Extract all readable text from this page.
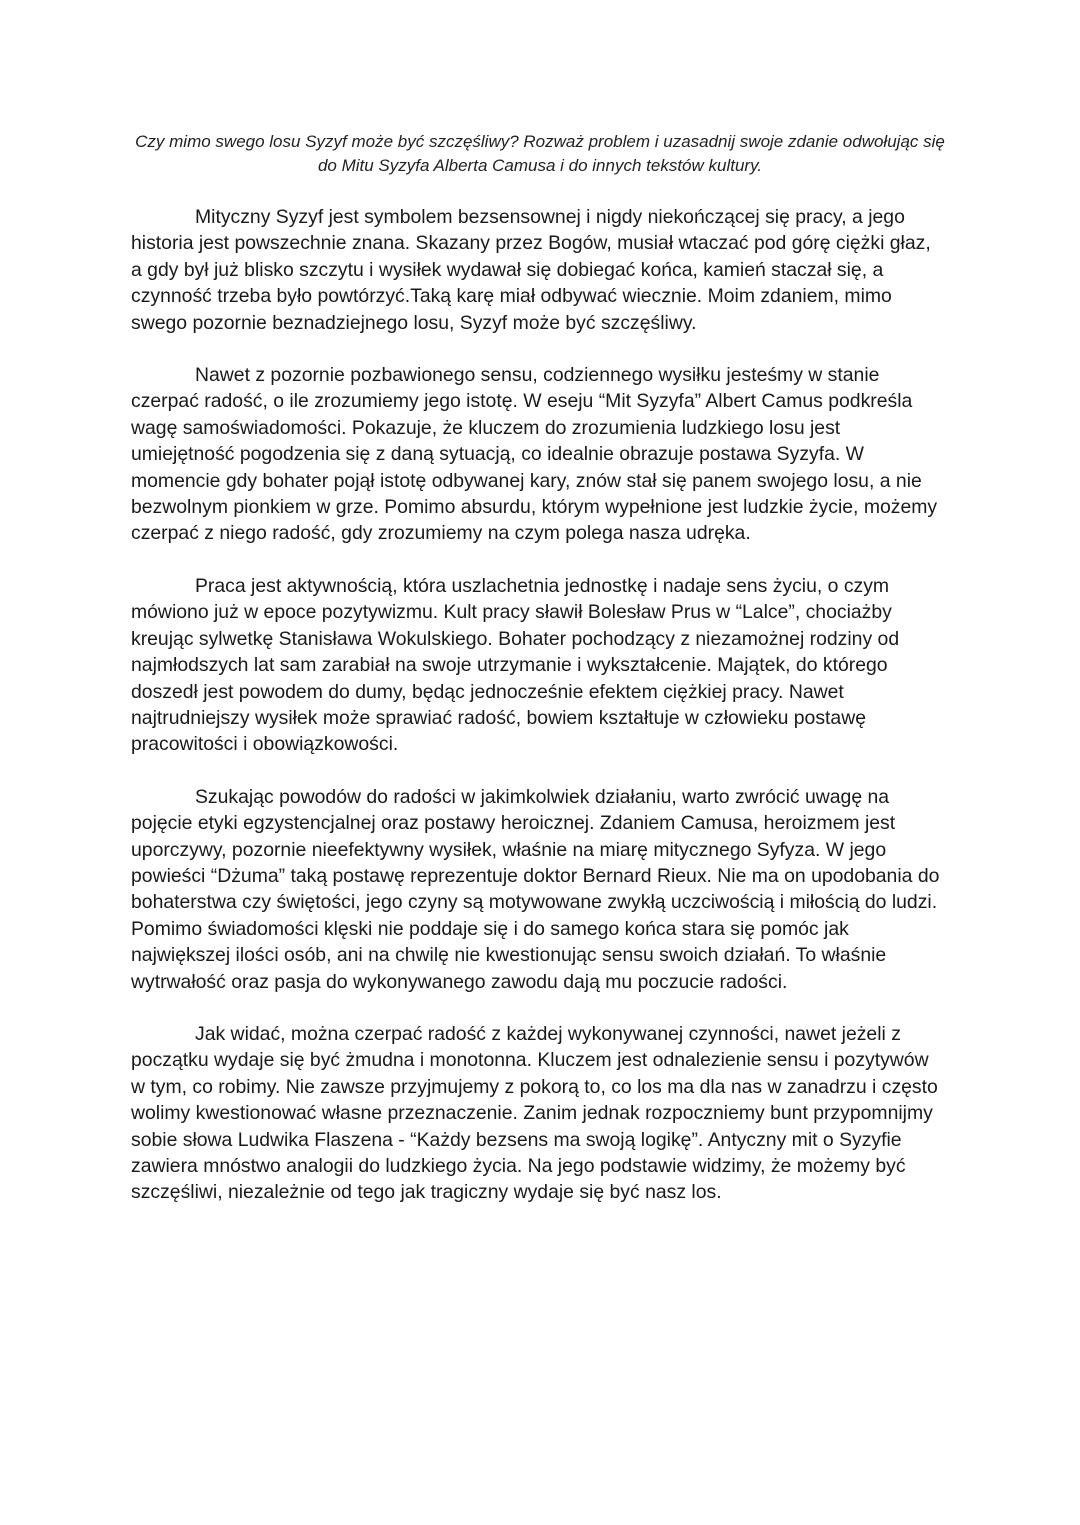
Czy mimo swego losu Syzyf może być szczęśliwy? Rozważ problem i uzasadnij swoje zdanie odwołując się do Mitu Syzyfa Alberta Camusa i do innych tekstów kultury.

Mityczny Syzyf jest symbolem bezsensownej i nigdy niekończącej się pracy, a jego historia jest powszechnie znana. Skazany przez Bogów, musiał wtaczać pod górę ciężki głaz, a gdy był już blisko szczytu i wysiłek wydawał się dobiegać końca, kamień staczał się, a czynność trzeba było powtórzyć.Taką karę miał odbywać wiecznie. Moim zdaniem, mimo swego pozornie beznadziejnego losu, Syzyf może być szczęśliwy.

Nawet z pozornie pozbawionego sensu, codziennego wysiłku jesteśmy w stanie czerpać radość, o ile zrozumiemy jego istotę. W eseju “Mit Syzyfa” Albert Camus podkreśla wagę samoświadomości. Pokazuje, że kluczem do zrozumienia ludzkiego losu jest umiejętność pogodzenia się z daną sytuacją, co idealnie obrazuje postawa Syzyfa. W momencie gdy bohater pojął istotę odbywanej kary, znów stał się panem swojego losu, a nie bezwolnym pionkiem w grze. Pomimo absurdu, którym wypełnione jest ludzkie życie, możemy czerpać z niego radość, gdy zrozumiemy na czym polega nasza udręka.

Praca jest aktywnością, która uszlachetnia jednostkę i nadaje sens życiu, o czym mówiono już w epoce pozytywizmu. Kult pracy sławił Bolesław Prus w “Lalce”, chociażby kreując sylwetkę Stanisława Wokulskiego. Bohater pochodzący z niezamożnej rodziny od najmłodszych lat sam zarabiał na swoje utrzymanie i wykształcenie. Majątek, do którego doszedł jest powodem do dumy, będąc jednocześnie efektem ciężkiej pracy. Nawet najtrudniejszy wysiłek może sprawiać radość, bowiem kształtuje w człowieku postawę pracowitości i obowiązkowości.

Szukając powodów do radości w jakimkolwiek działaniu, warto zwrócić uwagę na pojęcie etyki egzystencjalnej oraz postawy heroicznej. Zdaniem Camusa, heroizmem jest uporczywy, pozornie nieefektywny wysiłek, właśnie na miarę mitycznego Syfyza. W jego powieści “Dżuma” taką postawę reprezentuje doktor Bernard Rieux. Nie ma on upodobania do bohaterstwa czy świętości, jego czyny są motywowane zwykłą uczciwością i miłością do ludzi. Pomimo świadomości klęski nie poddaje się i do samego końca stara się pomóc jak największej ilości osób, ani na chwilę nie kwestionując sensu swoich działań. To właśnie wytrwałość oraz pasja do wykonywanego zawodu dają mu poczucie radości.

Jak widać, można czerpać radość z każdej wykonywanej czynności, nawet jeżeli z początku wydaje się być żmudna i monotonna. Kluczem jest odnalezienie sensu i pozytywów w tym, co robimy. Nie zawsze przyjmujemy z pokorą to, co los ma dla nas w zanadrzu i często wolimy kwestionować własne przeznaczenie. Zanim jednak rozpoczniemy bunt przypomnijmy sobie słowa Ludwika Flaszena - “Każdy bezsens ma swoją logikę”. Antyczny mit o Syzyfie zawiera mnóstwo analogii do ludzkiego życia. Na jego podstawie widzimy, że możemy być szczęśliwi, niezależnie od tego jak tragiczny wydaje się być nasz los.
